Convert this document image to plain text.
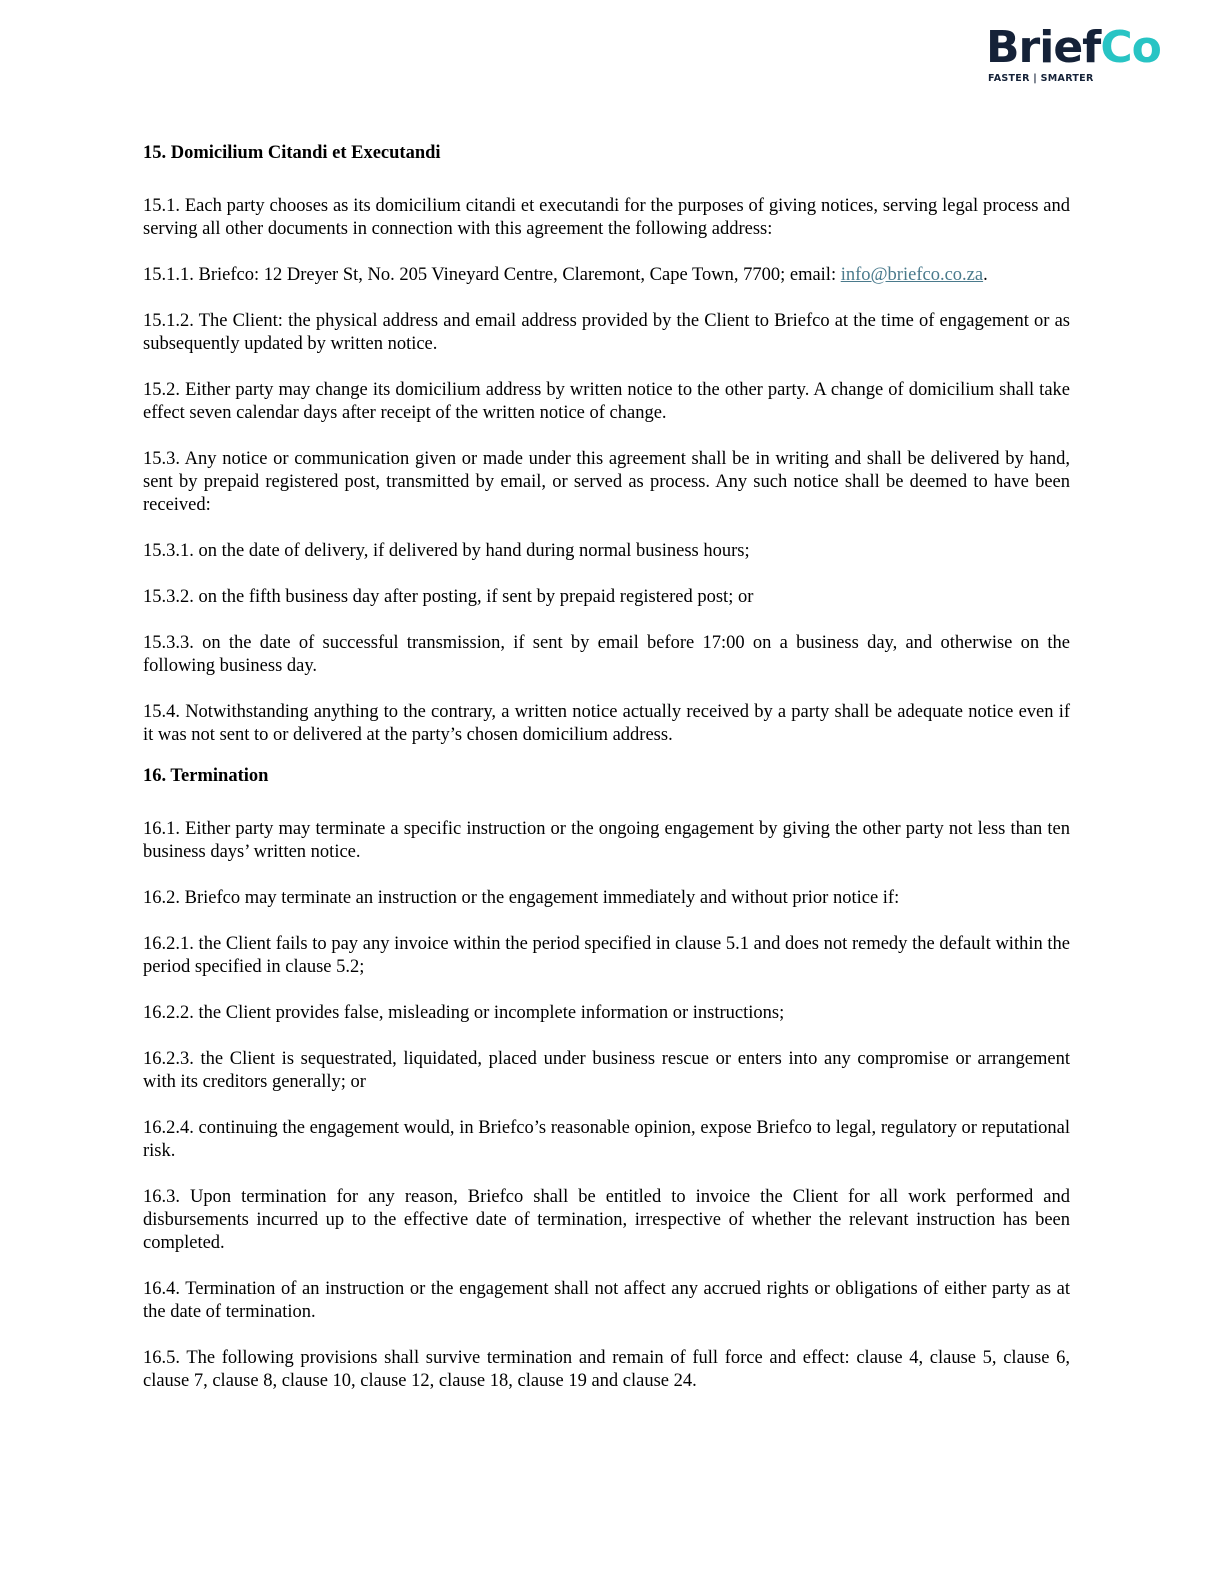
BriefCo
FASTER | SMARTER
15. Domicilium Citandi et Executandi

15.1. Each party chooses as its domicilium citandi et executandi for the purposes of giving notices, serving legal process and serving all other documents in connection with this agreement the following address:

15.1.1. Briefco: 12 Dreyer St, No. 205 Vineyard Centre, Claremont, Cape Town, 7700; email: info@briefco.co.za.

15.1.2. The Client: the physical address and email address provided by the Client to Briefco at the time of engagement or as subsequently updated by written notice.

15.2. Either party may change its domicilium address by written notice to the other party. A change of domicilium shall take effect seven calendar days after receipt of the written notice of change.

15.3. Any notice or communication given or made under this agreement shall be in writing and shall be delivered by hand, sent by prepaid registered post, transmitted by email, or served as process. Any such notice shall be deemed to have been received:

15.3.1. on the date of delivery, if delivered by hand during normal business hours;

15.3.2. on the fifth business day after posting, if sent by prepaid registered post; or

15.3.3. on the date of successful transmission, if sent by email before 17:00 on a business day, and otherwise on the following business day.

15.4. Notwithstanding anything to the contrary, a written notice actually received by a party shall be adequate notice even if it was not sent to or delivered at the party’s chosen domicilium address.

16. Termination

16.1. Either party may terminate a specific instruction or the ongoing engagement by giving the other party not less than ten business days’ written notice.

16.2. Briefco may terminate an instruction or the engagement immediately and without prior notice if:

16.2.1. the Client fails to pay any invoice within the period specified in clause 5.1 and does not remedy the default within the period specified in clause 5.2;

16.2.2. the Client provides false, misleading or incomplete information or instructions;

16.2.3. the Client is sequestrated, liquidated, placed under business rescue or enters into any compromise or arrangement with its creditors generally; or

16.2.4. continuing the engagement would, in Briefco’s reasonable opinion, expose Briefco to legal, regulatory or reputational risk.

16.3. Upon termination for any reason, Briefco shall be entitled to invoice the Client for all work performed and disbursements incurred up to the effective date of termination, irrespective of whether the relevant instruction has been completed.

16.4. Termination of an instruction or the engagement shall not affect any accrued rights or obligations of either party as at the date of termination.

16.5. The following provisions shall survive termination and remain of full force and effect: clause 4, clause 5, clause 6, clause 7, clause 8, clause 10, clause 12, clause 18, clause 19 and clause 24.
